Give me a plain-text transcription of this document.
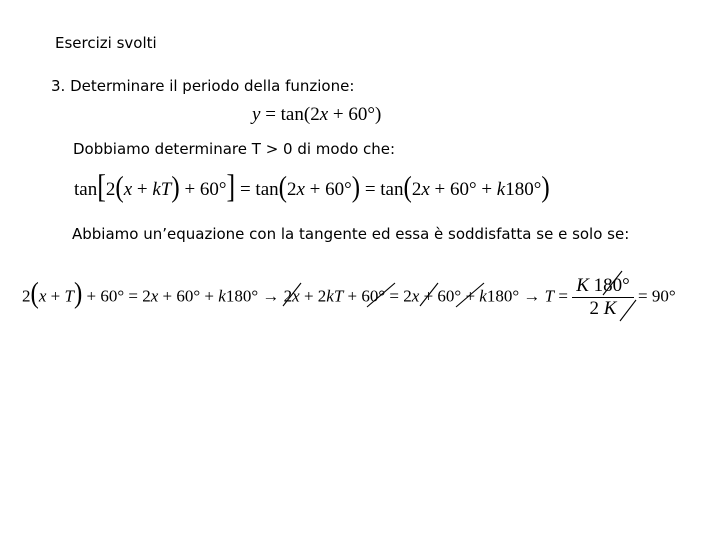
Esercizi svolti
3. Determinare il periodo della funzione:
y = tan(2x + 60°)
Dobbiamo determinare T > 0 di modo che:
tan[2(x + kT) + 60°] = tan(2x + 60°) = tan(2x + 60° + k180°)
Abbiamo un’equazione con la tangente ed essa è soddisfatta se e solo se:
$2(x + T) + 60^\circ = 2x + 60^\circ + k180^\circ \to 2x + 2kT + 60^\circ = 2x + 60^\circ + k180^\circ \to T = \frac{K 180^\circ}{2 K} = 90^\circ$
